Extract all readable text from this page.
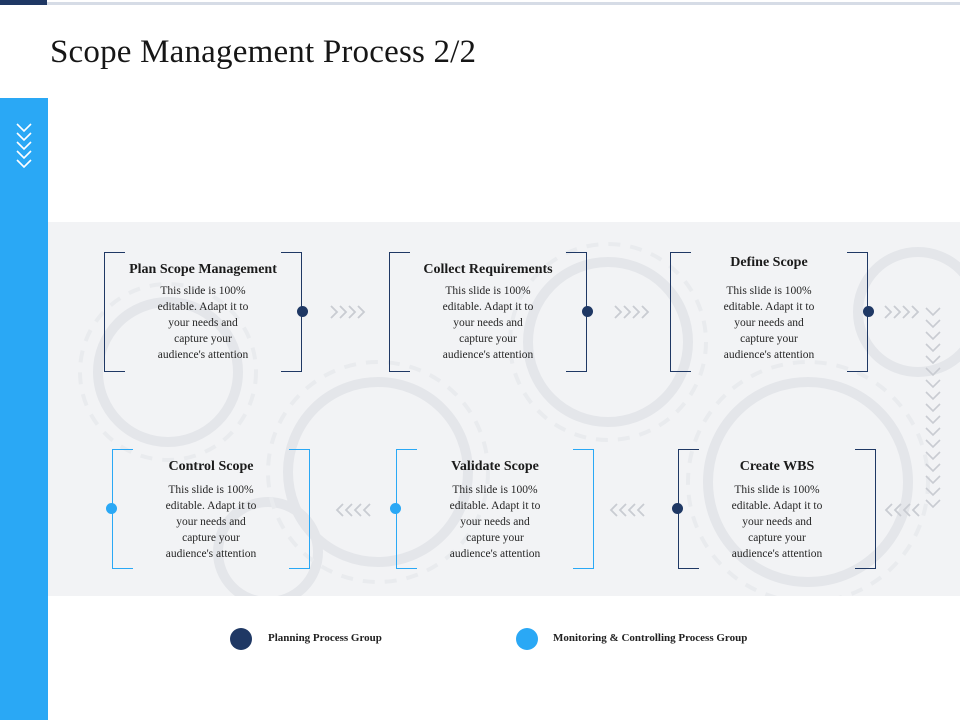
Scope Management Process 2/2
Plan Scope Management
This slide is 100%
editable. Adapt it to
your needs and
capture your
audience's attention
Collect Requirements
This slide is 100%
editable. Adapt it to
your needs and
capture your
audience's attention
Define Scope
This slide is 100%
editable. Adapt it to
your needs and
capture your
audience's attention
Control Scope
This slide is 100%
editable. Adapt it to
your needs and
capture your
audience's attention
Validate Scope
This slide is 100%
editable. Adapt it to
your needs and
capture your
audience's attention
Create WBS
This slide is 100%
editable. Adapt it to
your needs and
capture your
audience's attention
Planning Process Group	Monitoring & Controlling Process Group
